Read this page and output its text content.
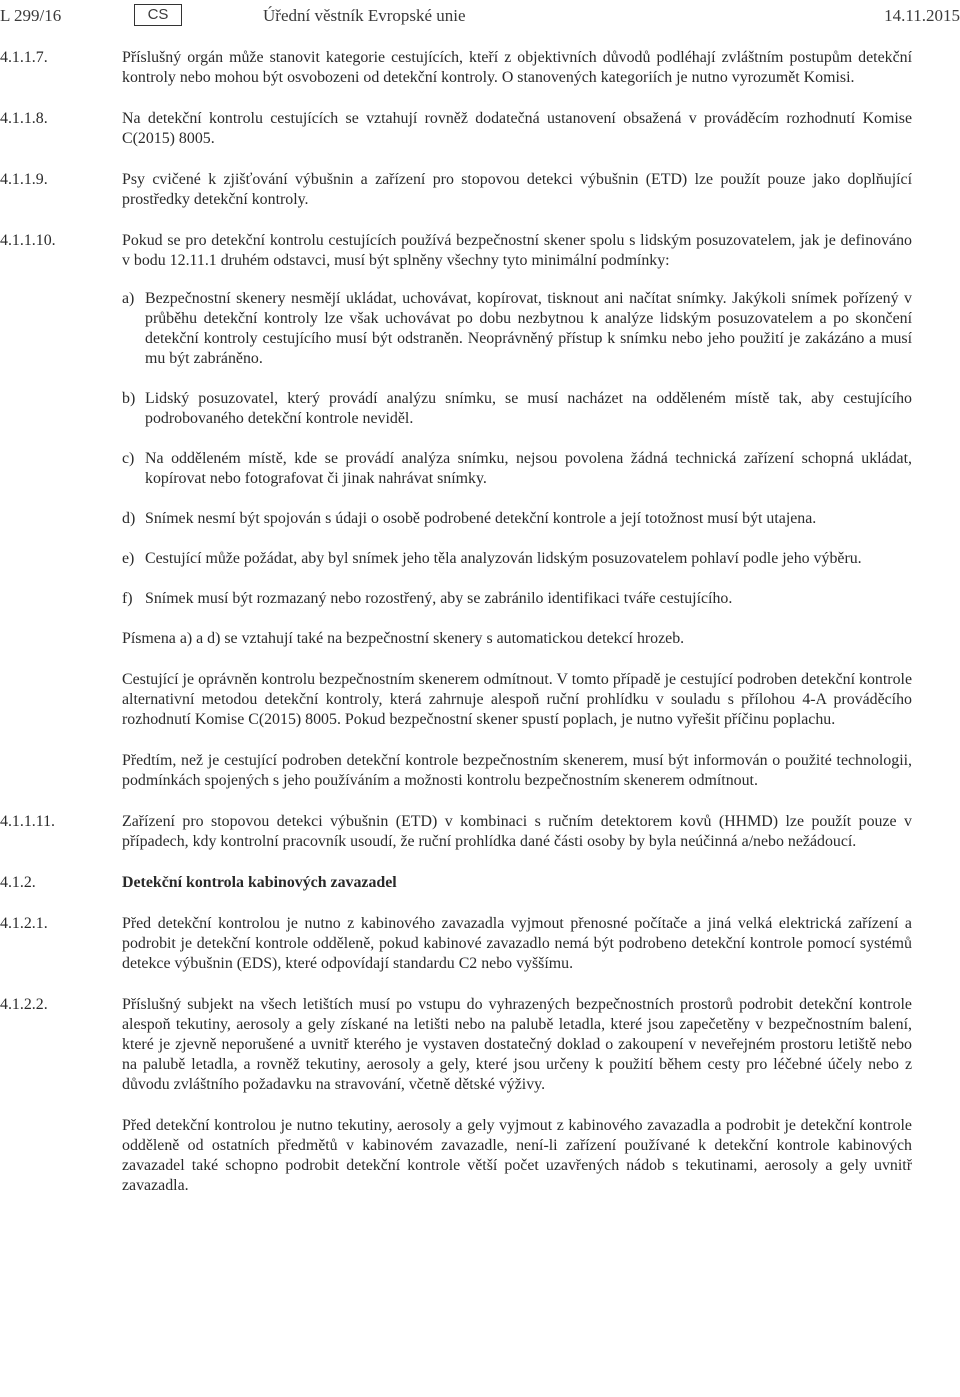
L 299/16	CS	Úřední věstník Evropské unie	14.11.2015
4.1.1.7.	Příslušný orgán může stanovit kategorie cestujících, kteří z objektivních důvodů podléhají zvláštním postupům detekční kontroly nebo mohou být osvobozeni od detekční kontroly. O stanovených kategoriích je nutno vyrozumět Komisi.
4.1.1.8.	Na detekční kontrolu cestujících se vztahují rovněž dodatečná ustanovení obsažená v prováděcím rozhodnutí Komise C(2015) 8005.
4.1.1.9.	Psy cvičené k zjišťování výbušnin a zařízení pro stopovou detekci výbušnin (ETD) lze použít pouze jako doplňující prostředky detekční kontroly.
4.1.1.10.	Pokud se pro detekční kontrolu cestujících používá bezpečnostní skener spolu s lidským posuzovatelem, jak je definováno v bodu 12.11.1 druhém odstavci, musí být splněny všechny tyto minimální podmínky:
a) Bezpečnostní skenery nesmějí ukládat, uchovávat, kopírovat, tisknout ani načítat snímky. Jakýkoli snímek pořízený v průběhu detekční kontroly lze však uchovávat po dobu nezbytnou k analýze lidským posuzovatelem a po skončení detekční kontroly cestujícího musí být odstraněn. Neoprávněný přístup k snímku nebo jeho použití je zakázáno a musí mu být zabráněno.
b) Lidský posuzovatel, který provádí analýzu snímku, se musí nacházet na odděleném místě tak, aby cestujícího podrobovaného detekční kontrole neviděl.
c) Na odděleném místě, kde se provádí analýza snímku, nejsou povolena žádná technická zařízení schopná ukládat, kopírovat nebo fotografovat či jinak nahrávat snímky.
d) Snímek nesmí být spojován s údaji o osobě podrobené detekční kontrole a její totožnost musí být utajena.
e) Cestující může požádat, aby byl snímek jeho těla analyzován lidským posuzovatelem pohlaví podle jeho výběru.
f) Snímek musí být rozmazaný nebo rozostřený, aby se zabránilo identifikaci tváře cestujícího.
Písmena a) a d) se vztahují také na bezpečnostní skenery s automatickou detekcí hrozeb.
Cestující je oprávněn kontrolu bezpečnostním skenerem odmítnout. V tomto případě je cestující podroben detekční kontrole alternativní metodou detekční kontroly, která zahrnuje alespoň ruční prohlídku v souladu s přílohou 4-A prováděcího rozhodnutí Komise C(2015) 8005. Pokud bezpečnostní skener spustí poplach, je nutno vyřešit příčinu poplachu.
Předtím, než je cestující podroben detekční kontrole bezpečnostním skenerem, musí být informován o použité technologii, podmínkách spojených s jeho používáním a možnosti kontrolu bezpečnostním skenerem odmítnout.
4.1.1.11.	Zařízení pro stopovou detekci výbušnin (ETD) v kombinaci s ručním detektorem kovů (HHMD) lze použít pouze v případech, kdy kontrolní pracovník usoudí, že ruční prohlídka dané části osoby by byla neúčinná a/nebo nežádoucí.
4.1.2.	Detekční kontrola kabinových zavazadel
4.1.2.1.	Před detekční kontrolou je nutno z kabinového zavazadla vyjmout přenosné počítače a jiná velká elektrická zařízení a podrobit je detekční kontrole odděleně, pokud kabinové zavazadlo nemá být podrobeno detekční kontrole pomocí systémů detekce výbušnin (EDS), které odpovídají standardu C2 nebo vyššímu.
4.1.2.2.	Příslušný subjekt na všech letištích musí po vstupu do vyhrazených bezpečnostních prostorů podrobit detekční kontrole alespoň tekutiny, aerosoly a gely získané na letišti nebo na palubě letadla, které jsou zapečetěny v bezpečnostním balení, které je zjevně neporušené a uvnitř kterého je vystaven dostatečný doklad o zakoupení v neveřejném prostoru letiště nebo na palubě letadla, a rovněž tekutiny, aerosoly a gely, které jsou určeny k použití během cesty pro léčebné účely nebo z důvodu zvláštního požadavku na stravování, včetně dětské výživy.
Před detekční kontrolou je nutno tekutiny, aerosoly a gely vyjmout z kabinového zavazadla a podrobit je detekční kontrole odděleně od ostatních předmětů v kabinovém zavazadle, není-li zařízení používané k detekční kontrole kabinových zavazadel také schopno podrobit detekční kontrole větší počet uzavřených nádob s tekutinami, aerosoly a gely uvnitř zavazadla.
